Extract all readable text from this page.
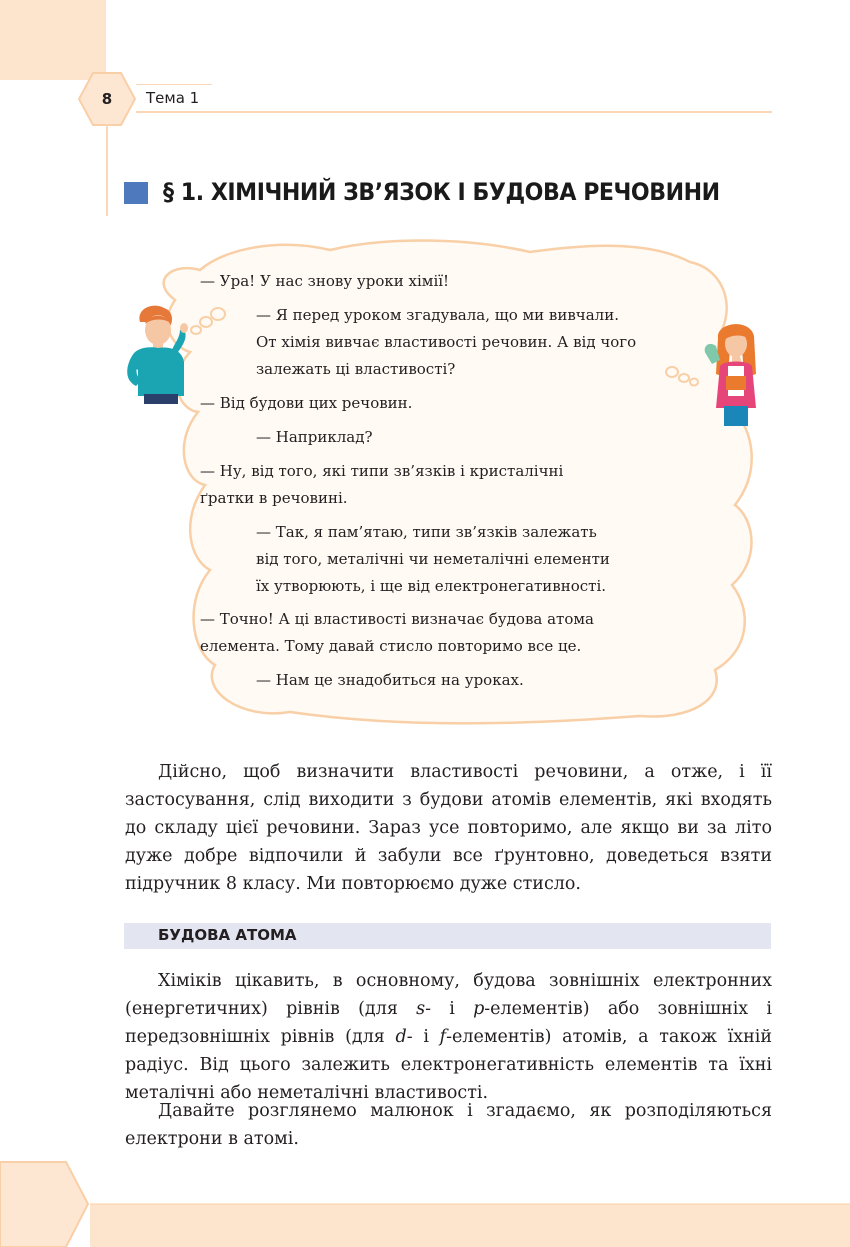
8	Тема 1
§ 1. ХІМІЧНИЙ ЗВ’ЯЗОК І БУДОВА РЕЧОВИНИ
— Ура! У нас знову уроки хімії!
— Я перед уроком згадувала, що ми вивчали.
От хімія вивчає властивості речовин. А від чого
залежать ці властивості?
— Від будови цих речовин.
— Наприклад?
— Ну, від того, які типи зв’язків і кристалічні
ґратки в речовині.
— Так, я пам’ятаю, типи зв’язків залежать
від того, металічні чи неметалічні елементи
їх утворюють, і ще від електронегативності.
— Точно! А ці властивості визначає будова атома
елемента. Тому давай стисло повторимо все це.
— Нам це знадобиться на уроках.
Дійсно, щоб визначити властивості речовини, а отже, і її застосування, слід виходити з будови атомів елементів, які входять до складу цієї речовини. Зараз усе повторимо, але якщо ви за літо дуже добре відпочили й забули все ґрунтовно, доведеться взяти підручник 8 класу. Ми повторюємо дуже стисло.
БУДОВА АТОМА
Хіміків цікавить, в основному, будова зовнішніх електронних (енергетичних) рівнів (для s- і p-елементів) або зовнішніх і передзовнішніх рівнів (для d- і f-елементів) атомів, а також їхній радіус. Від цього залежить електронегативність елементів та їхні металічні або неметалічні властивості.
Давайте розглянемо малюнок і згадаємо, як розподіляються електрони в атомі.
